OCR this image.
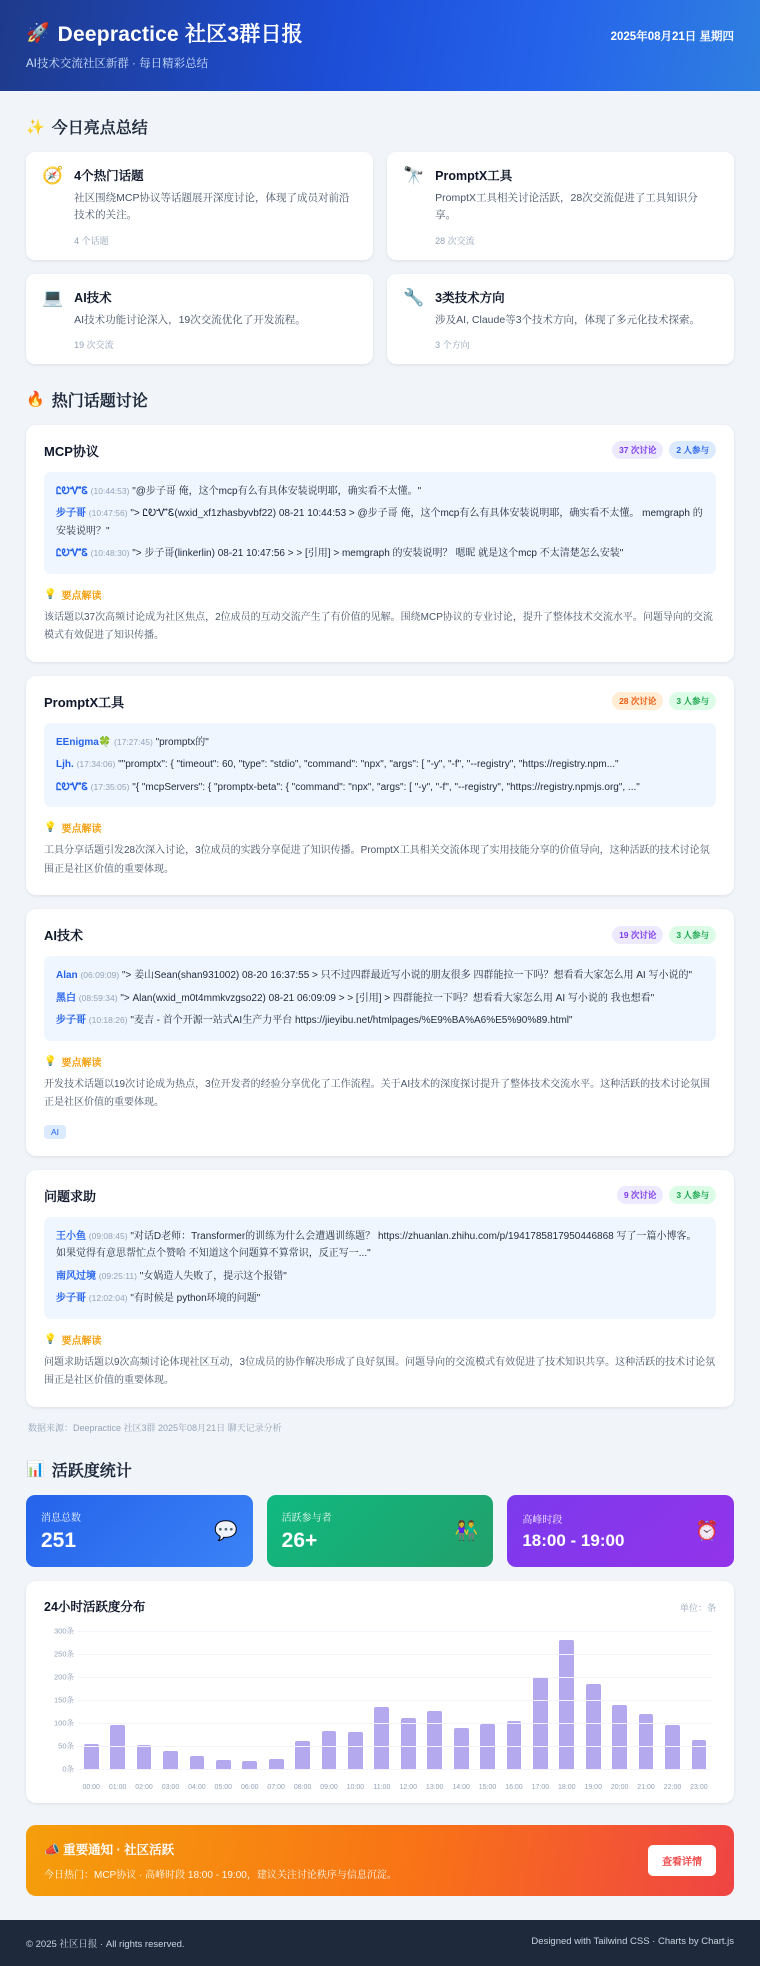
🚀 Deepractice 社区3群日报
AI技术交流社区新群 · 每日精彩总结
2025年08月21日 星期四
✨ 今日亮点总结
🧭 4个热门话题
社区围绕MCP协议等话题展开深度讨论，体现了成员对前沿技术的关注。
4 个话题
🔭 PromptX工具
PromptX工具相关讨论活跃，28次交流促进了工具知识分享。
28 次交流
💻 AI技术
AI技术功能讨论深入，19次交流优化了开发流程。
19 次交流
🔧 3类技术方向
涉及AI, Claude等3个技术方向，体现了多元化技术探索。
3 个方向
🔥 热门话题讨论
MCP协议	37 次讨论	2 人参与
ᏝᎧᏉᏋ (10:44:53) "@步子哥 俺，这个mcp有么有具体安装说明耶，确实看不太懂。"
步子哥 (10:47:56) "> ᏝᎧᏉᏋ(wxid_xf1zhasbyvbf22) 08-21 10:44:53 > @步子哥 俺，这个mcp有么有具体安装说明耶，确实看不太懂。 memgraph 的安装说明？"
ᏝᎧᏉᏋ (10:48:30) "> 步子哥(linkerlin) 08-21 10:47:56 > > [引用] > memgraph 的安装说明？ 嗯昵 就是这个mcp 不太清楚怎么安装"
💡 要点解读
该话题以37次高频讨论成为社区焦点，2位成员的互动交流产生了有价值的见解。围绕MCP协议的专业讨论，提升了整体技术交流水平。问题导向的交流模式有效促进了知识传播。
PromptX工具	28 次讨论	3 人参与
EEnigma🍀 (17:27:45) "promptx的"
Ljh. (17:34:06) ""promptx": { "timeout": 60, "type": "stdio", "command": "npx", "args": [ "-y", "-f", "--registry", "https://registry.npm..."
ᏝᎧᏉᏋ (17:35:05) "{ "mcpServers": { "promptx-beta": { "command": "npx", "args": [ "-y", "-f", "--registry", "https://registry.npmjs.org", ..."
💡 要点解读
工具分享话题引发28次深入讨论，3位成员的实践分享促进了知识传播。PromptX工具相关交流体现了实用技能分享的价值导向，这种活跃的技术讨论氛围正是社区价值的重要体现。
AI技术	19 次讨论	3 人参与
Alan (06:09:09) "> 姜山Sean(shan931002) 08-20 16:37:55 > 只不过四群最近写小说的朋友很多 四群能拉一下吗？想看看大家怎么用 AI 写小说的"
黑白 (08:59:34) "> Alan(wxid_m0t4mmkvzgso22) 08-21 06:09:09 > > [引用] > 四群能拉一下吗？想看看大家怎么用 AI 写小说的 我也想看"
步子哥 (10:18:26) "麦吉 - 首个开源一站式AI生产力平台 https://jieyibu.net/htmlpages/%E9%BA%A6%E5%90%89.html"
💡 要点解读
开发技术话题以19次讨论成为热点，3位开发者的经验分享优化了工作流程。关于AI技术的深度探讨提升了整体技术交流水平。这种活跃的技术讨论氛围正是社区价值的重要体现。
AI
问题求助	9 次讨论	3 人参与
王小鱼 (09:08:45) "对话D老师：Transformer的训练为什么会遭遇训练题？ https://zhuanlan.zhihu.com/p/1941785817950446868 写了一篇小博客。如果觉得有意思帮忙点个赞哈 不知道这个问题算不算常识，反正写一..."
南风过境 (09:25:11) "女娲造人失败了，提示这个报错"
步子哥 (12:02:04) "有时候是 python环境的问题"
💡 要点解读
问题求助话题以9次高频讨论体现社区互动，3位成员的协作解决形成了良好氛围。问题导向的交流模式有效促进了技术知识共享。这种活跃的技术讨论氛围正是社区价值的重要体现。
数据来源：Deepractice 社区3群 2025年08月21日 聊天记录分析
📊 活跃度统计
消息总数
251	💬
活跃参与者
26+	👫
高峰时段
18:00 - 19:00	⏰
24小时活跃度分布	单位：条
0条
50条
100条
150条
200条
250条
300条
00:00	01:00	02:00	03:00	04:00	05:00	06:00	07:00	08:00	09:00	10:00	11:00	12:00	13:00	14:00	15:00	16:00	17:00	18:00	19:00	20:00	21:00	22:00	23:00
📣 重要通知 · 社区活跃
今日热门：MCP协议 · 高峰时段 18:00 - 19:00，建议关注讨论秩序与信息沉淀。
查看详情
© 2025 社区日报 · All rights reserved.	Designed with Tailwind CSS · Charts by Chart.js
